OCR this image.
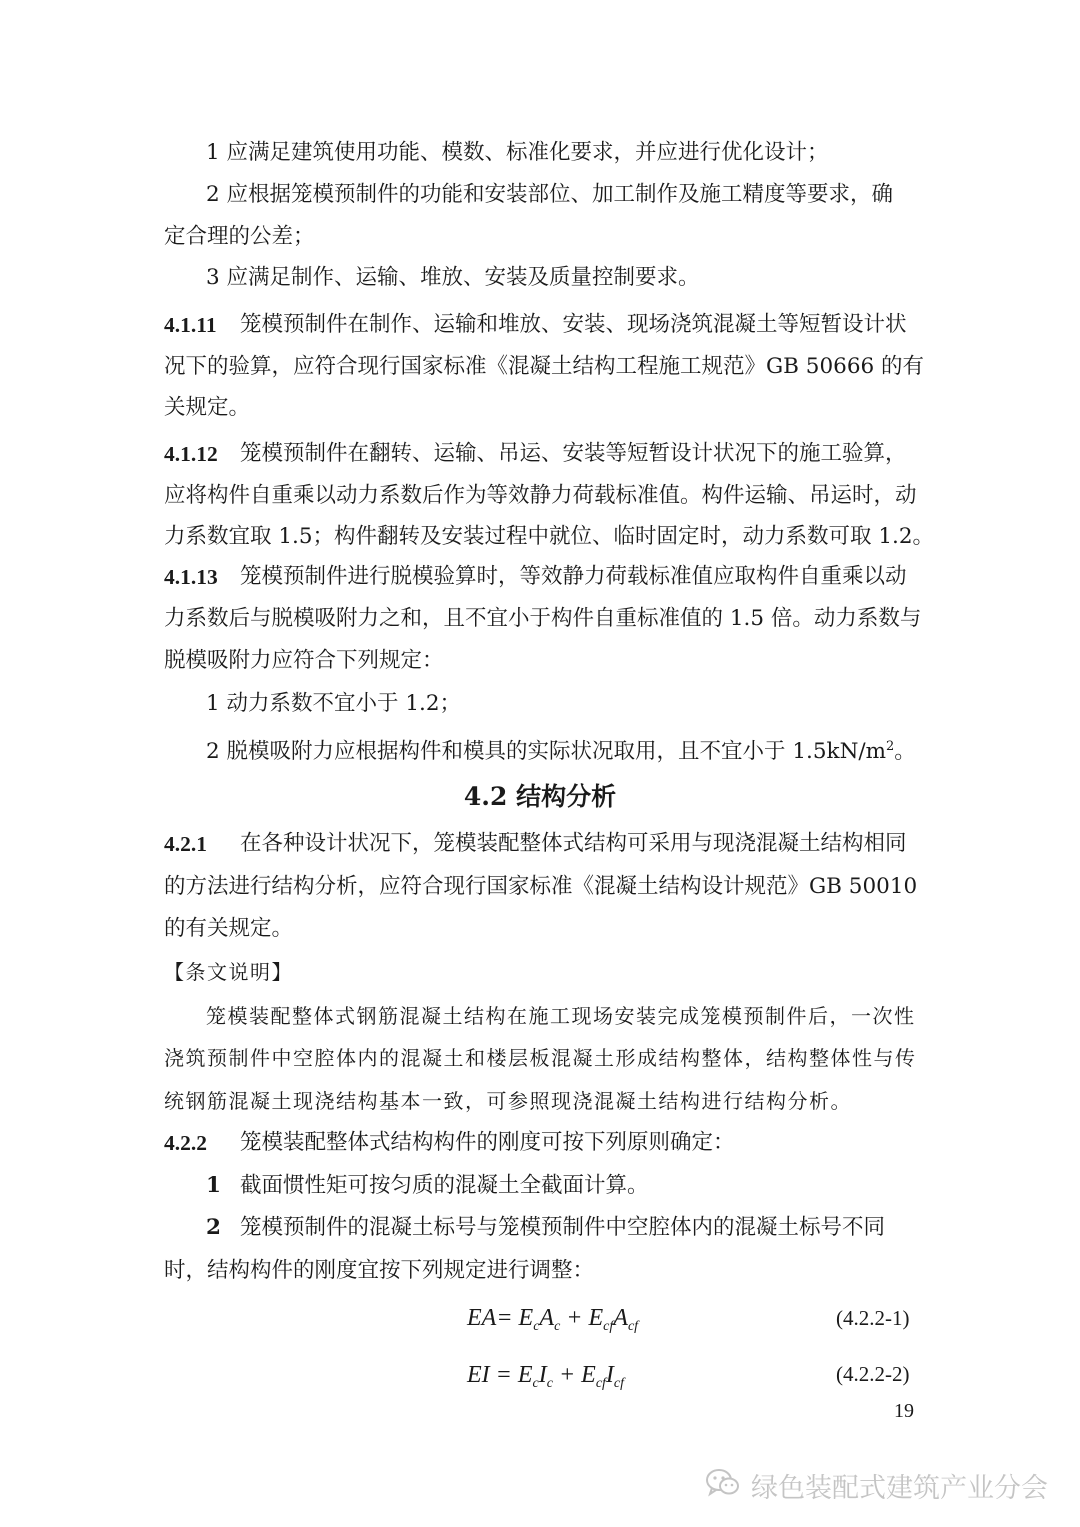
1 应满足建筑使用功能、模数、标准化要求，并应进行优化设计；
2 应根据笼模预制件的功能和安装部位、加工制作及施工精度等要求，确
定合理的公差；
3 应满足制作、运输、堆放、安装及质量控制要求。
4.1.11 笼模预制件在制作、运输和堆放、安装、现场浇筑混凝土等短暂设计状
况下的验算，应符合现行国家标准《混凝土结构工程施工规范》GB 50666 的有
关规定。
4.1.12 笼模预制件在翻转、运输、吊运、安装等短暂设计状况下的施工验算，
应将构件自重乘以动力系数后作为等效静力荷载标准值。构件运输、吊运时，动
力系数宜取 1.5；构件翻转及安装过程中就位、临时固定时，动力系数可取 1.2。
4.1.13 笼模预制件进行脱模验算时，等效静力荷载标准值应取构件自重乘以动
力系数后与脱模吸附力之和，且不宜小于构件自重标准值的 1.5 倍。动力系数与
脱模吸附力应符合下列规定：
1 动力系数不宜小于 1.2；
2 脱模吸附力应根据构件和模具的实际状况取用，且不宜小于 $1.5kN/m^2$。
4.2 结构分析
4.2.1 在各种设计状况下，笼模装配整体式结构可采用与现浇混凝土结构相同
的方法进行结构分析，应符合现行国家标准《混凝土结构设计规范》GB 50010
的有关规定。
【条文说明】
笼模装配整体式钢筋混凝土结构在施工现场安装完成笼模预制件后，一次性
浇筑预制件中空腔体内的混凝土和楼层板混凝土形成结构整体，结构整体性与传
统钢筋混凝土现浇结构基本一致，可参照现浇混凝土结构进行结构分析。
4.2.2 笼模装配整体式结构构件的刚度可按下列原则确定：
1 截面惯性矩可按匀质的混凝土全截面计算。
2 笼模预制件的混凝土标号与笼模预制件中空腔体内的混凝土标号不同
时，结构构件的刚度宜按下列规定进行调整：
$EA= E_cA_c + E_{cf}A_{cf}$	(4.2.2-1)
EI = $E_cI_c + E_{cf}I_{cf}$	(4.2.2-2)
19
绿色装配式建筑产业分会
